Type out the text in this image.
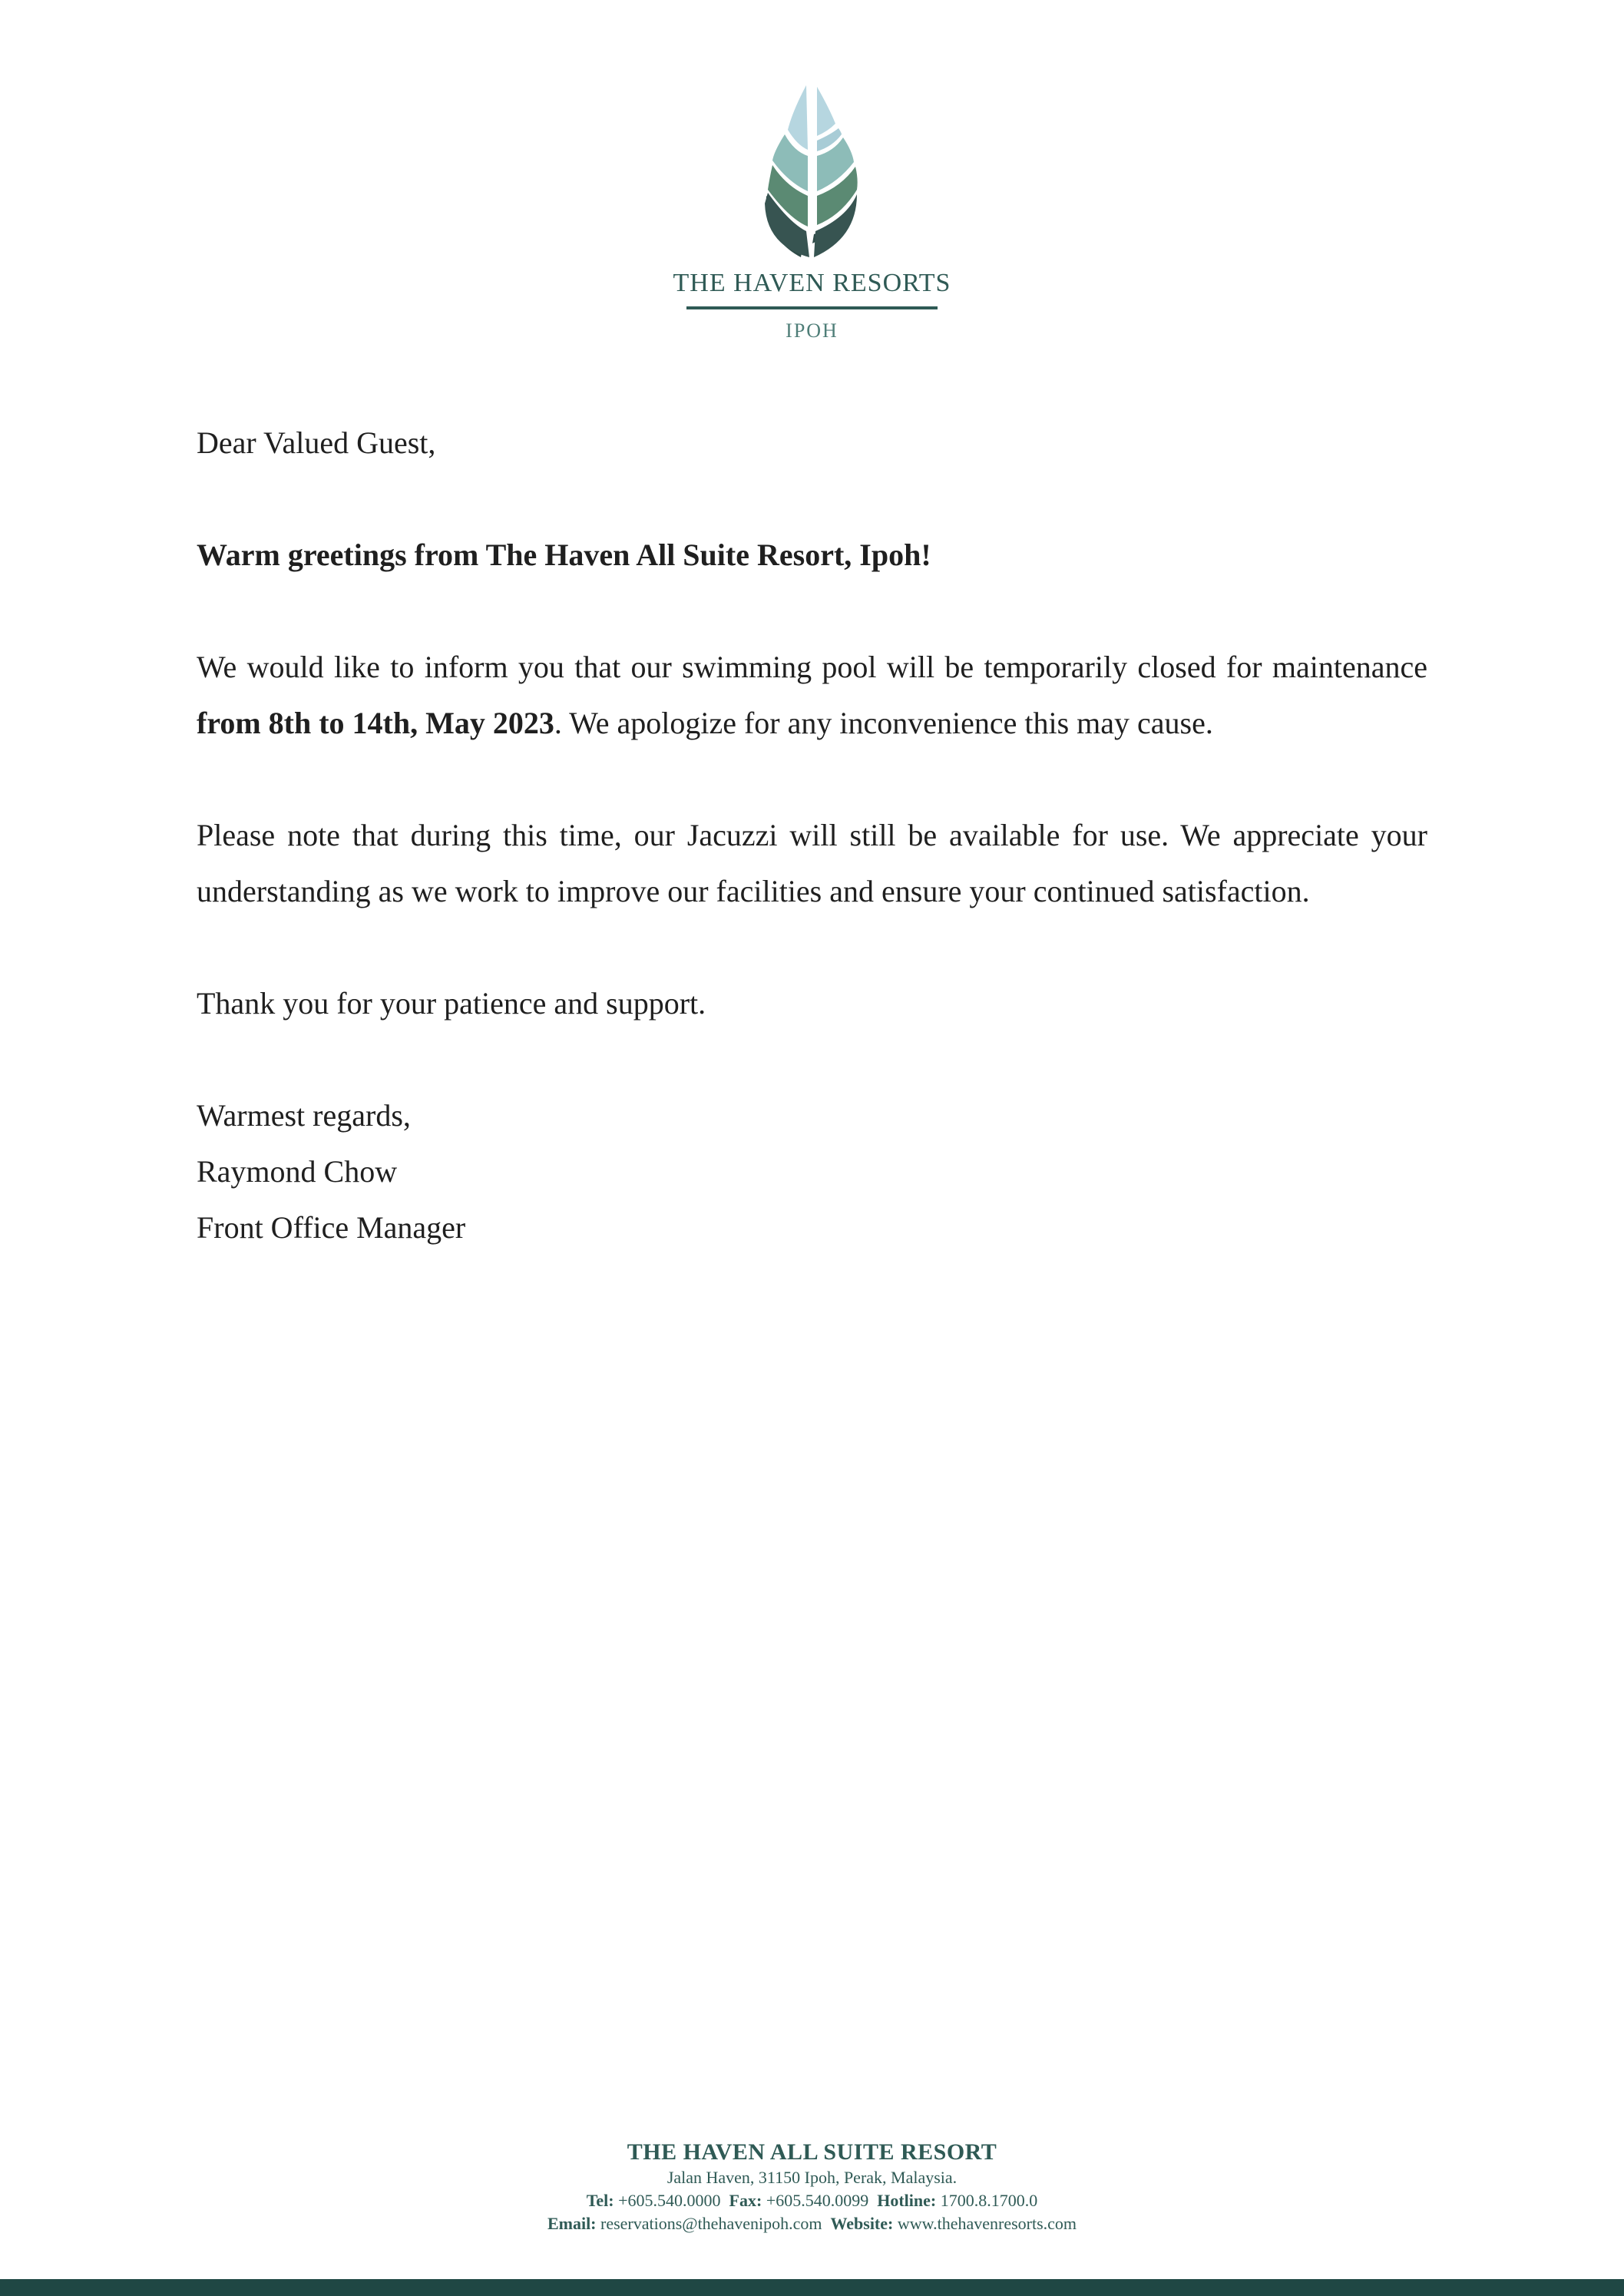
THE HAVEN RESORTS
IPOH

Dear Valued Guest,

Warm greetings from The Haven All Suite Resort, Ipoh!

We would like to inform you that our swimming pool will be temporarily closed for maintenance from 8th to 14th, May 2023. We apologize for any inconvenience this may cause.

Please note that during this time, our Jacuzzi will still be available for use. We appreciate your understanding as we work to improve our facilities and ensure your continued satisfaction.

Thank you for your patience and support.

Warmest regards,

Raymond Chow

Front Office Manager

THE HAVEN ALL SUITE RESORT
Jalan Haven, 31150 Ipoh, Perak, Malaysia.
Tel: +605.540.0000 Fax: +605.540.0099 Hotline: 1700.8.1700.0
Email: reservations@thehavenipoh.com Website: www.thehavenresorts.com
